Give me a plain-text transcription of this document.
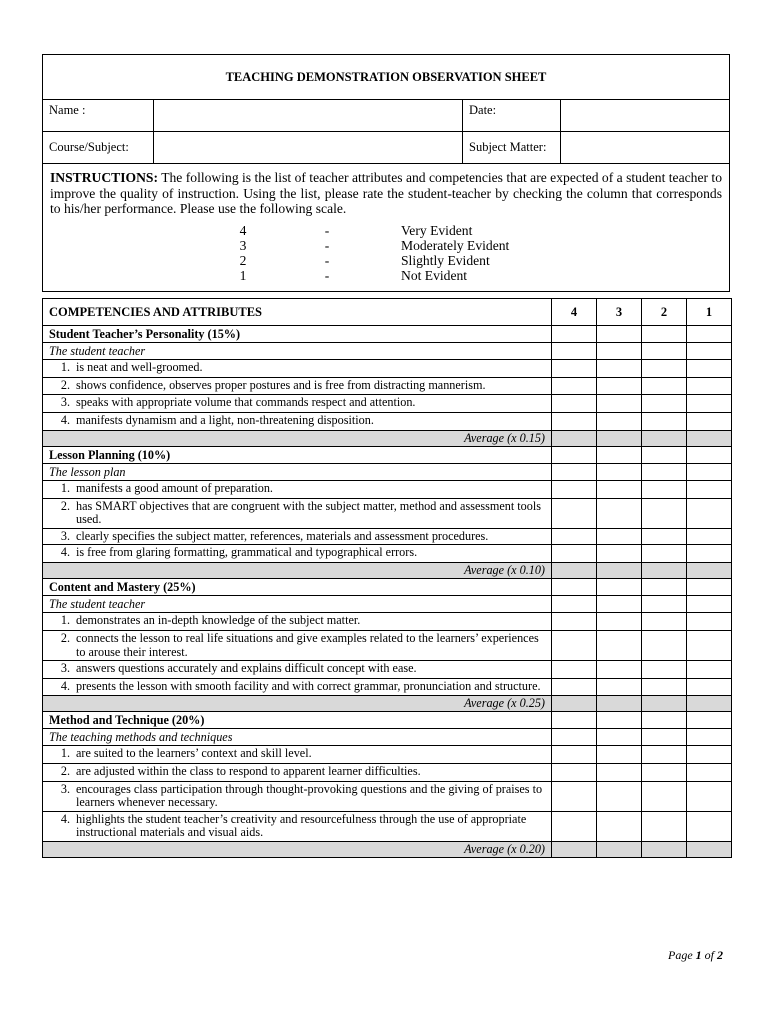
TEACHING DEMONSTRATION OBSERVATION SHEET
Name :	Date:
Course/Subject:	Subject Matter:
INSTRUCTIONS: The following is the list of teacher attributes and competencies that are expected of a student teacher to improve the quality of instruction. Using the list, please rate the student-teacher by checking the column that corresponds to his/her performance. Please use the following scale.
4	-	Very Evident
3	-	Moderately Evident
2	-	Slightly Evident
1	-	Not Evident
COMPETENCIES AND ATTRIBUTES	4	3	2	1
Student Teacher’s Personality (15%)				
The student teacher				

1. is neat and well-groomed.				

2. shows confidence, observes proper postures and is free from distracting mannerism.				

3. speaks with appropriate volume that commands respect and attention.				

4. manifests dynamism and a light, non-threatening disposition.				

Average (x 0.15)				
Lesson Planning (10%)				
The lesson plan				

1. manifests a good amount of preparation.				

2. has SMART objectives that are congruent with the subject matter, method and assessment tools used.				

3. clearly specifies the subject matter, references, materials and assessment procedures.				

4. is free from glaring formatting, grammatical and typographical errors.				

Average (x 0.10)				
Content and Mastery (25%)				
The student teacher				

1. demonstrates an in-depth knowledge of the subject matter.				

2. connects the lesson to real life situations and give examples related to the learners’ experiences to arouse their interest.				

3. answers questions accurately and explains difficult concept with ease.				

4. presents the lesson with smooth facility and with correct grammar, pronunciation and structure.				

Average (x 0.25)				
Method and Technique (20%)				
The teaching methods and techniques				

1. are suited to the learners’ context and skill level.				

2. are adjusted within the class to respond to apparent learner difficulties.				

3. encourages class participation through thought-provoking questions and the giving of praises to learners whenever necessary.				

4. highlights the student teacher’s creativity and resourcefulness through the use of appropriate instructional materials and visual aids.				

Average (x 0.20)				
Page 1 of 2
